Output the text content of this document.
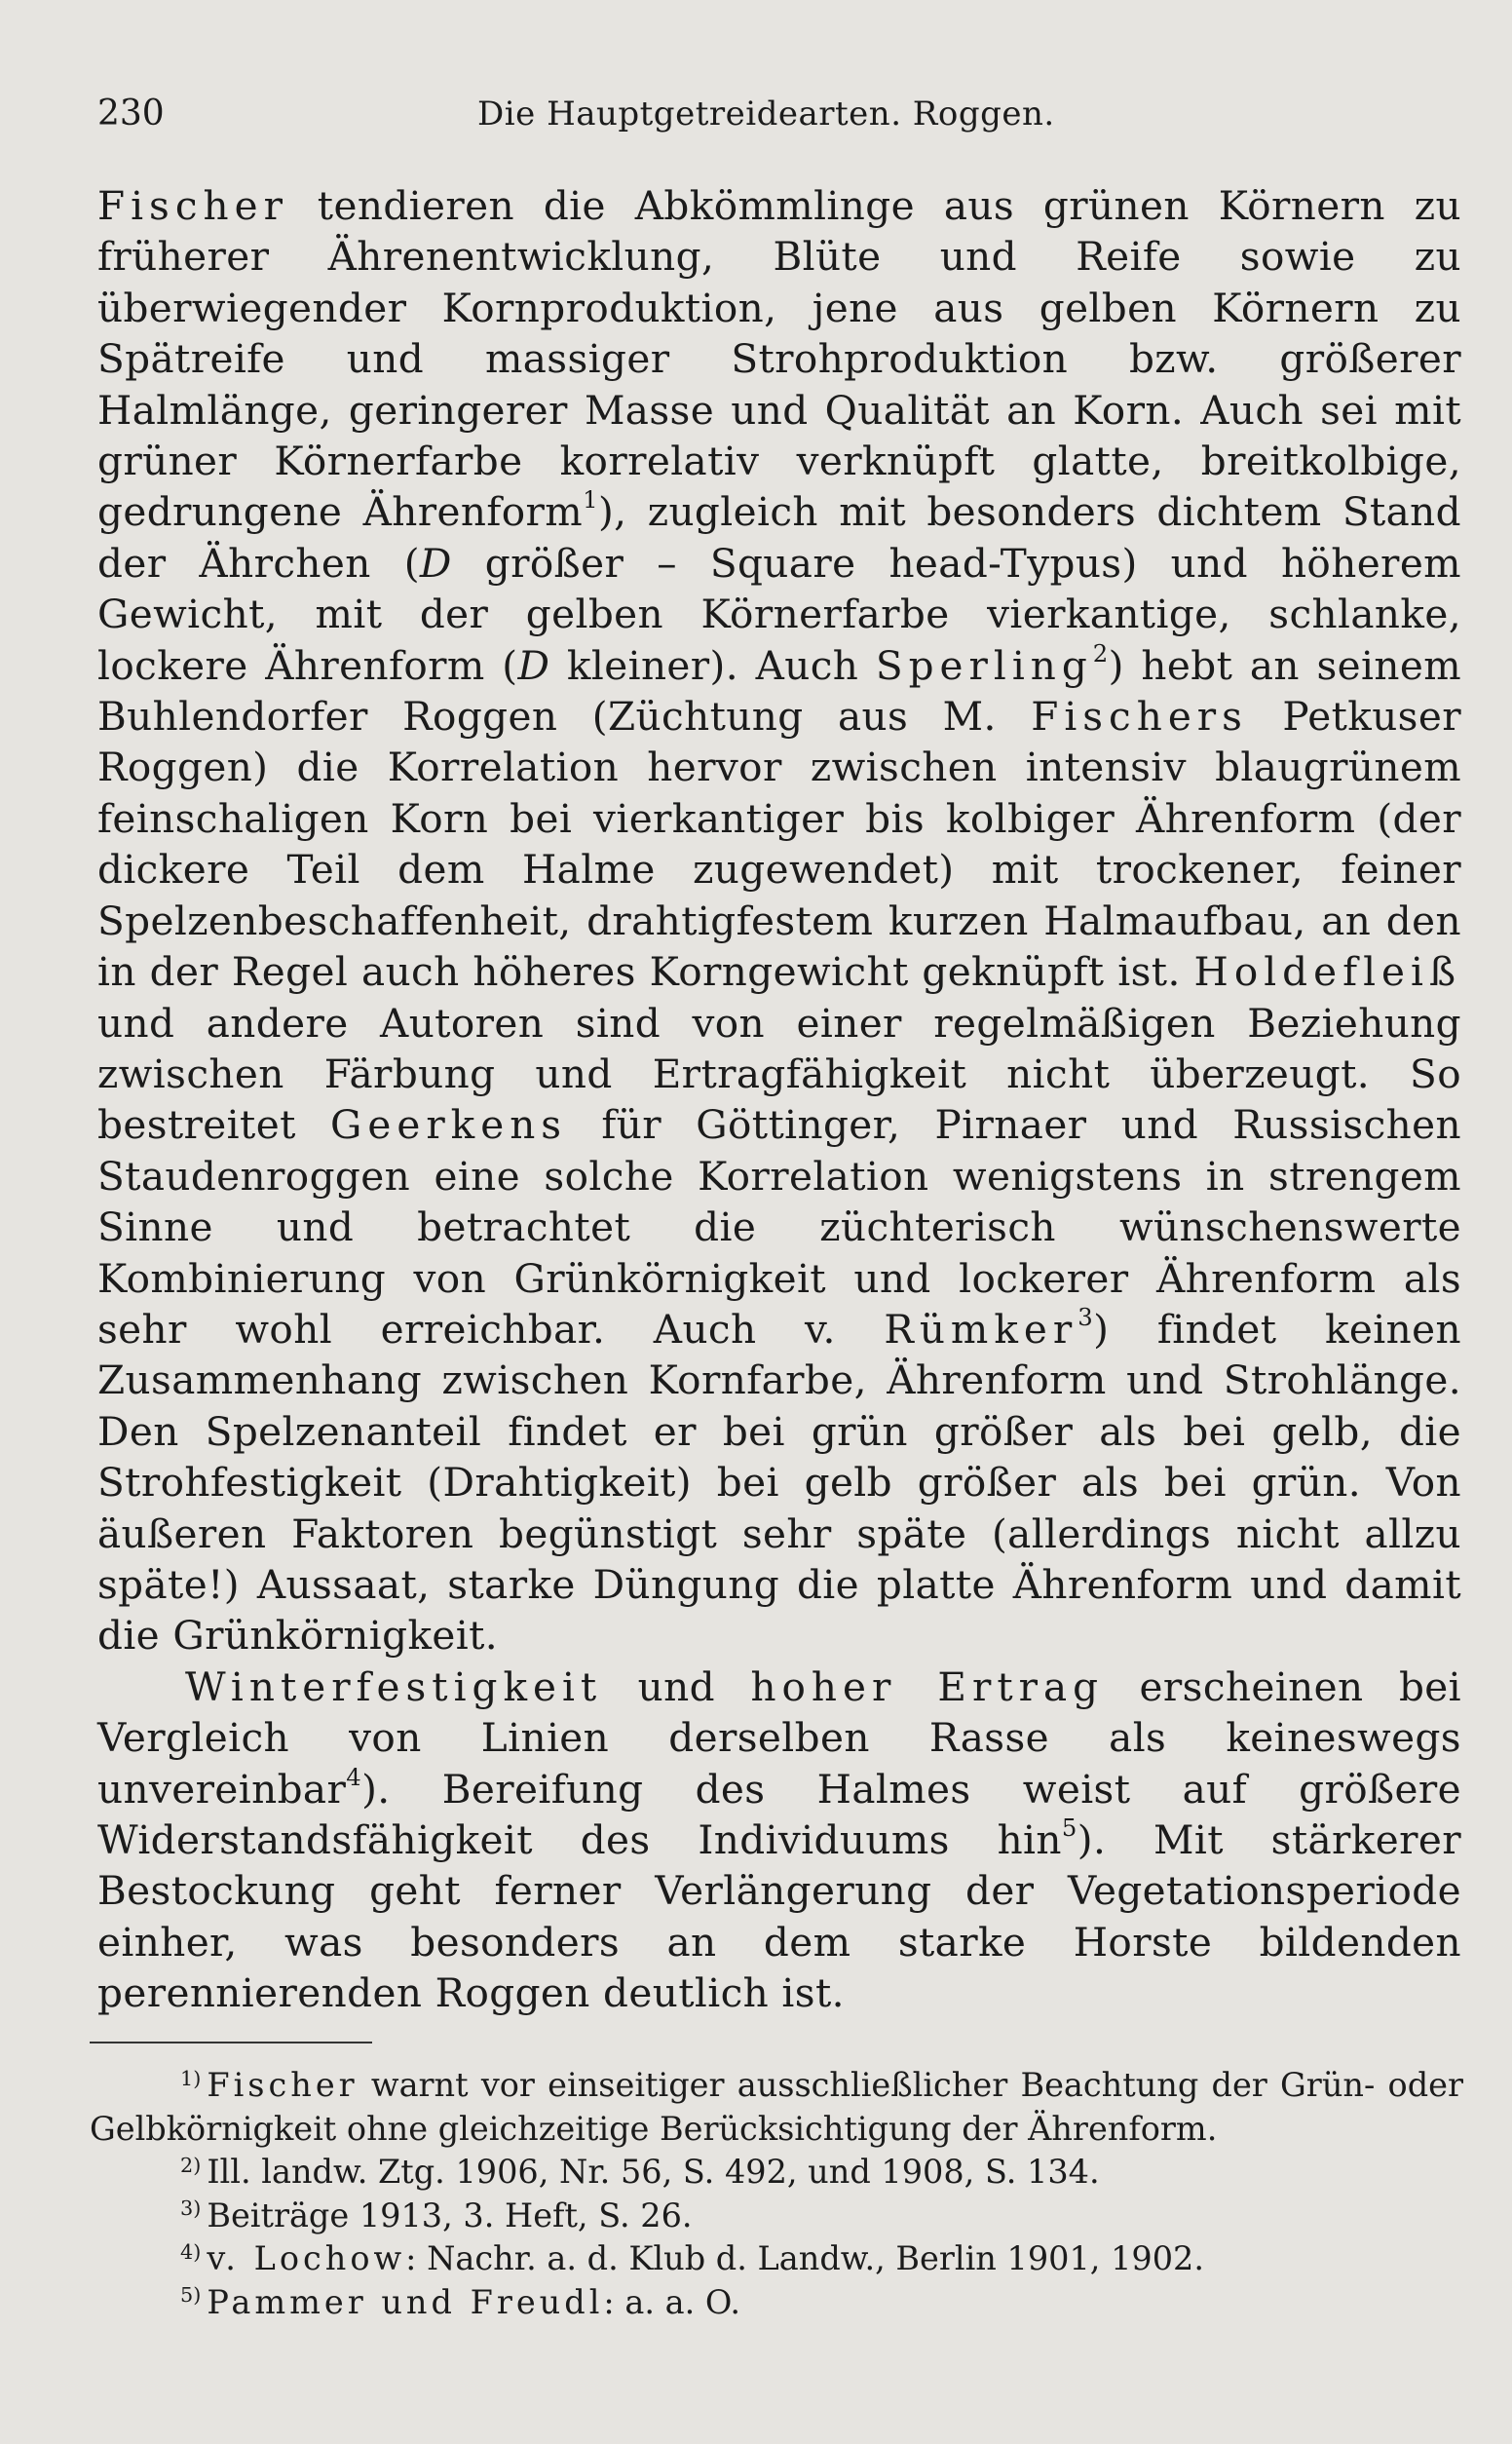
230	Die Hauptgetreidearten. Roggen.

Fischer tendieren die Abkömmlinge aus grünen Körnern zu früherer Ährenentwicklung, Blüte und Reife sowie zu überwiegender Kornproduktion, jene aus gelben Körnern zu Spätreife und massiger Strohproduktion bzw. größerer Halmlänge, geringerer Masse und Qualität an Korn. Auch sei mit grüner Körnerfarbe korrelativ verknüpft glatte, breitkolbige, gedrungene Ährenform$^1$), zugleich mit besonders dichtem Stand der Ährchen (D größer – Square head-Typus) und höherem Gewicht, mit der gelben Körnerfarbe vierkantige, schlanke, lockere Ährenform (D kleiner). Auch Sperling$^2$) hebt an seinem Buhlendorfer Roggen (Züchtung aus M. Fischers Petkuser Roggen) die Korrelation hervor zwischen intensiv blaugrünem feinschaligen Korn bei vierkantiger bis kolbiger Ährenform (der dickere Teil dem Halme zugewendet) mit trockener, feiner Spelzenbeschaffenheit, drahtigfestem kurzen Halmaufbau, an den in der Regel auch höheres Korngewicht geknüpft ist. Holdefleiß und andere Autoren sind von einer regelmäßigen Beziehung zwischen Färbung und Ertragfähigkeit nicht überzeugt. So bestreitet Geerkens für Göttinger, Pirnaer und Russischen Staudenroggen eine solche Korrelation wenigstens in strengem Sinne und betrachtet die züchterisch wünschenswerte Kombinierung von Grünkörnigkeit und lockerer Ährenform als sehr wohl erreichbar. Auch v. Rümker$^3$) findet keinen Zusammenhang zwischen Kornfarbe, Ährenform und Strohlänge. Den Spelzenanteil findet er bei grün größer als bei gelb, die Strohfestigkeit (Drahtigkeit) bei gelb größer als bei grün. Von äußeren Faktoren begünstigt sehr späte (allerdings nicht allzu späte!) Aussaat, starke Düngung die platte Ährenform und damit die Grünkörnigkeit.

Winterfestigkeit und hoher Ertrag erscheinen bei Vergleich von Linien derselben Rasse als keineswegs unvereinbar$^4$). Bereifung des Halmes weist auf größere Widerstandsfähigkeit des Individuums hin$^5$). Mit stärkerer Bestockung geht ferner Verlängerung der Vegetationsperiode einher, was besonders an dem starke Horste bildenden perennierenden Roggen deutlich ist.

$^{1)}$ Fischer warnt vor einseitiger ausschließlicher Beachtung der Grün- oder Gelbkörnigkeit ohne gleichzeitige Berücksichtigung der Ährenform.

$^{2)}$ Ill. landw. Ztg. 1906, Nr. 56, S. 492, und 1908, S. 134.

$^{3)}$ Beiträge 1913, 3. Heft, S. 26.

$^{4)}$ v. Lochow: Nachr. a. d. Klub d. Landw., Berlin 1901, 1902.

$^{5)}$ Pammer und Freudl: a. a. O.
